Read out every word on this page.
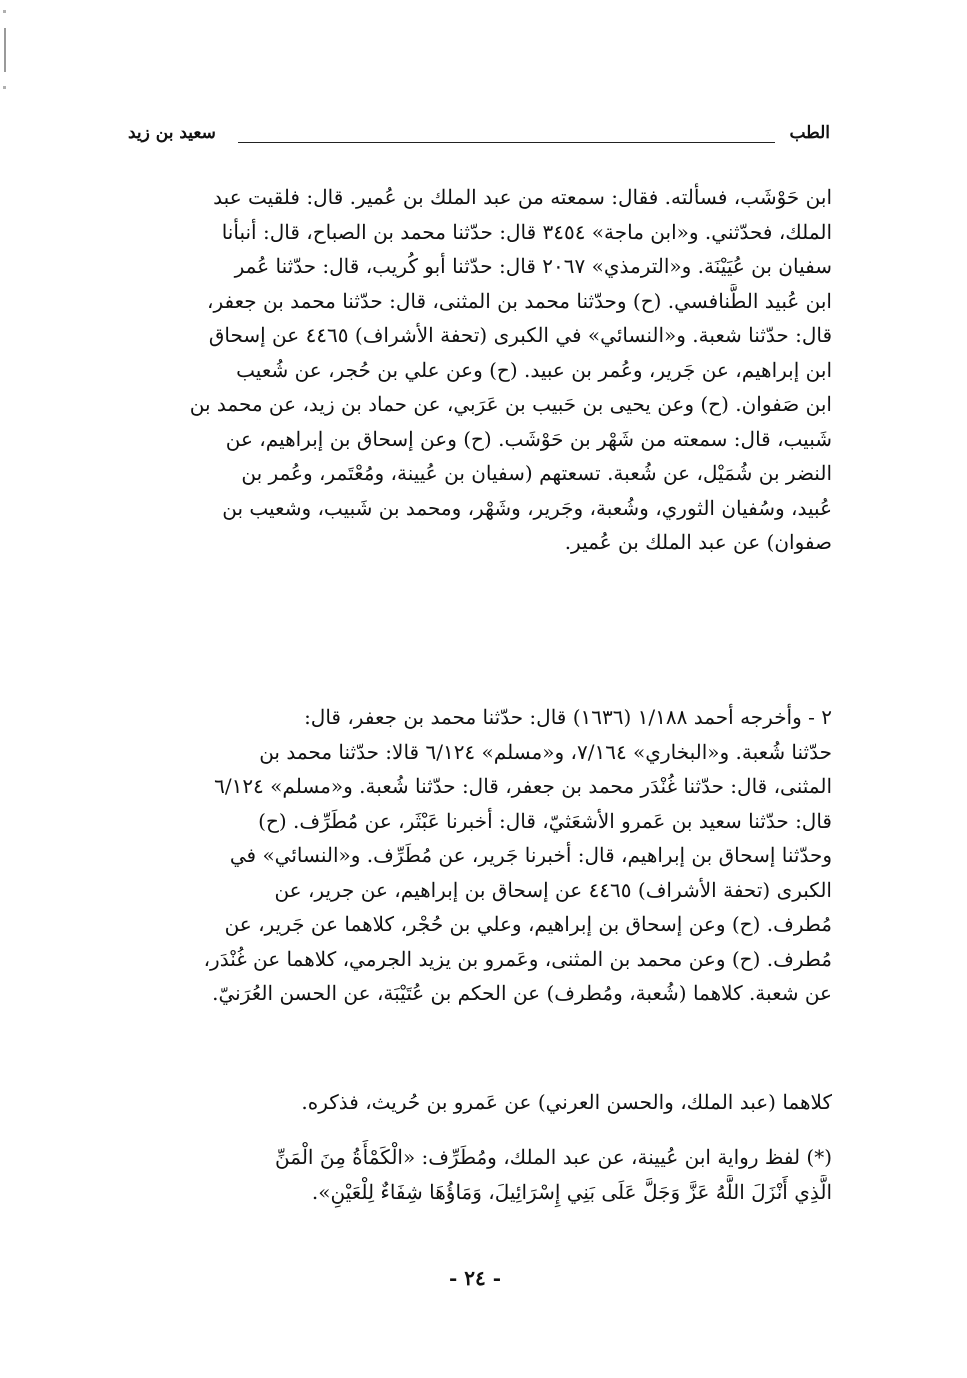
الطب
سعيد بن زيد
ابن حَوْشَب، فسألته. فقال: سمعته من عبد الملك بن عُمير. قال: فلقيت عبد
الملك، فحدّثني. و«ابن ماجة» ٣٤٥٤ قال: حدّثنا محمد بن الصباح، قال: أنبأنا
سفيان بن عُيَيْنَة. و«الترمذي» ٢٠٦٧ قال: حدّثنا أبو كُريب، قال: حدّثنا عُمر
ابن عُبيد الطَّنافسي. (ح) وحدّثنا محمد بن المثنى، قال: حدّثنا محمد بن جعفر،
قال: حدّثنا شعبة. و«النسائي» في الكبرى (تحفة الأشراف) ٤٤٦٥ عن إسحاق
ابن إبراهيم، عن جَرير، وعُمر بن عبيد. (ح) وعن علي بن حُجر، عن شُعيب
ابن صَفوان. (ح) وعن يحيى بن حَبيب بن عَرَبي، عن حماد بن زيد، عن محمد بن
شَبيب، قال: سمعته من شَهْر بن حَوْشَب. (ح) وعن إسحاق بن إبراهيم، عن
النضر بن شُمَيْل، عن شُعبة. تسعتهم (سفيان بن عُيينة، ومُعْتَمر، وعُمر بن
عُبيد، وسُفيان الثوري، وشُعبة، وجَرير، وشَهْر، ومحمد بن شَبيب، وشعيب بن
صفوان) عن عبد الملك بن عُمير.
٢ - وأخرجه أحمد ١/١٨٨ (١٦٣٦) قال: حدّثنا محمد بن جعفر، قال:
حدّثنا شُعبة. و«البخاري» ٧/١٦٤، و«مسلم» ٦/١٢٤ قالا: حدّثنا محمد بن
المثنى، قال: حدّثنا غُنْدَر محمد بن جعفر، قال: حدّثنا شُعبة. و«مسلم» ٦/١٢٤
قال: حدّثنا سعيد بن عَمرو الأشعَثيّ، قال: أخبرنا عَبْثَر، عن مُطَرِّف. (ح)
وحدّثنا إسحاق بن إبراهيم، قال: أخبرنا جَرير، عن مُطَرِّف. و«النسائي» في
الكبرى (تحفة الأشراف) ٤٤٦٥ عن إسحاق بن إبراهيم، عن جرير، عن
مُطرف. (ح) وعن إسحاق بن إبراهيم، وعلي بن حُجْر، كلاهما عن جَرير، عن
مُطرف. (ح) وعن محمد بن المثنى، وعَمرو بن يزيد الجرمي، كلاهما عن غُنْدَر،
عن شعبة. كلاهما (شُعبة، ومُطرف) عن الحكم بن عُتَيْبَة، عن الحسن العُرَنيّ.
كلاهما (عبد الملك، والحسن العرني) عن عَمرو بن حُريث، فذكره.
(*) لفظ رواية ابن عُيينة، عن عبد الملك، ومُطَرِّف: «الْكَمْأَةُ مِنَ الْمَنِّ
الَّذِي أَنْزَلَ اللَّهُ عَزَّ وَجَلَّ عَلَى بَنِي إِسْرَائِيلَ، وَمَاؤُهَا شِفَاءٌ لِلْعَيْنِ».
- ٢٤ -
